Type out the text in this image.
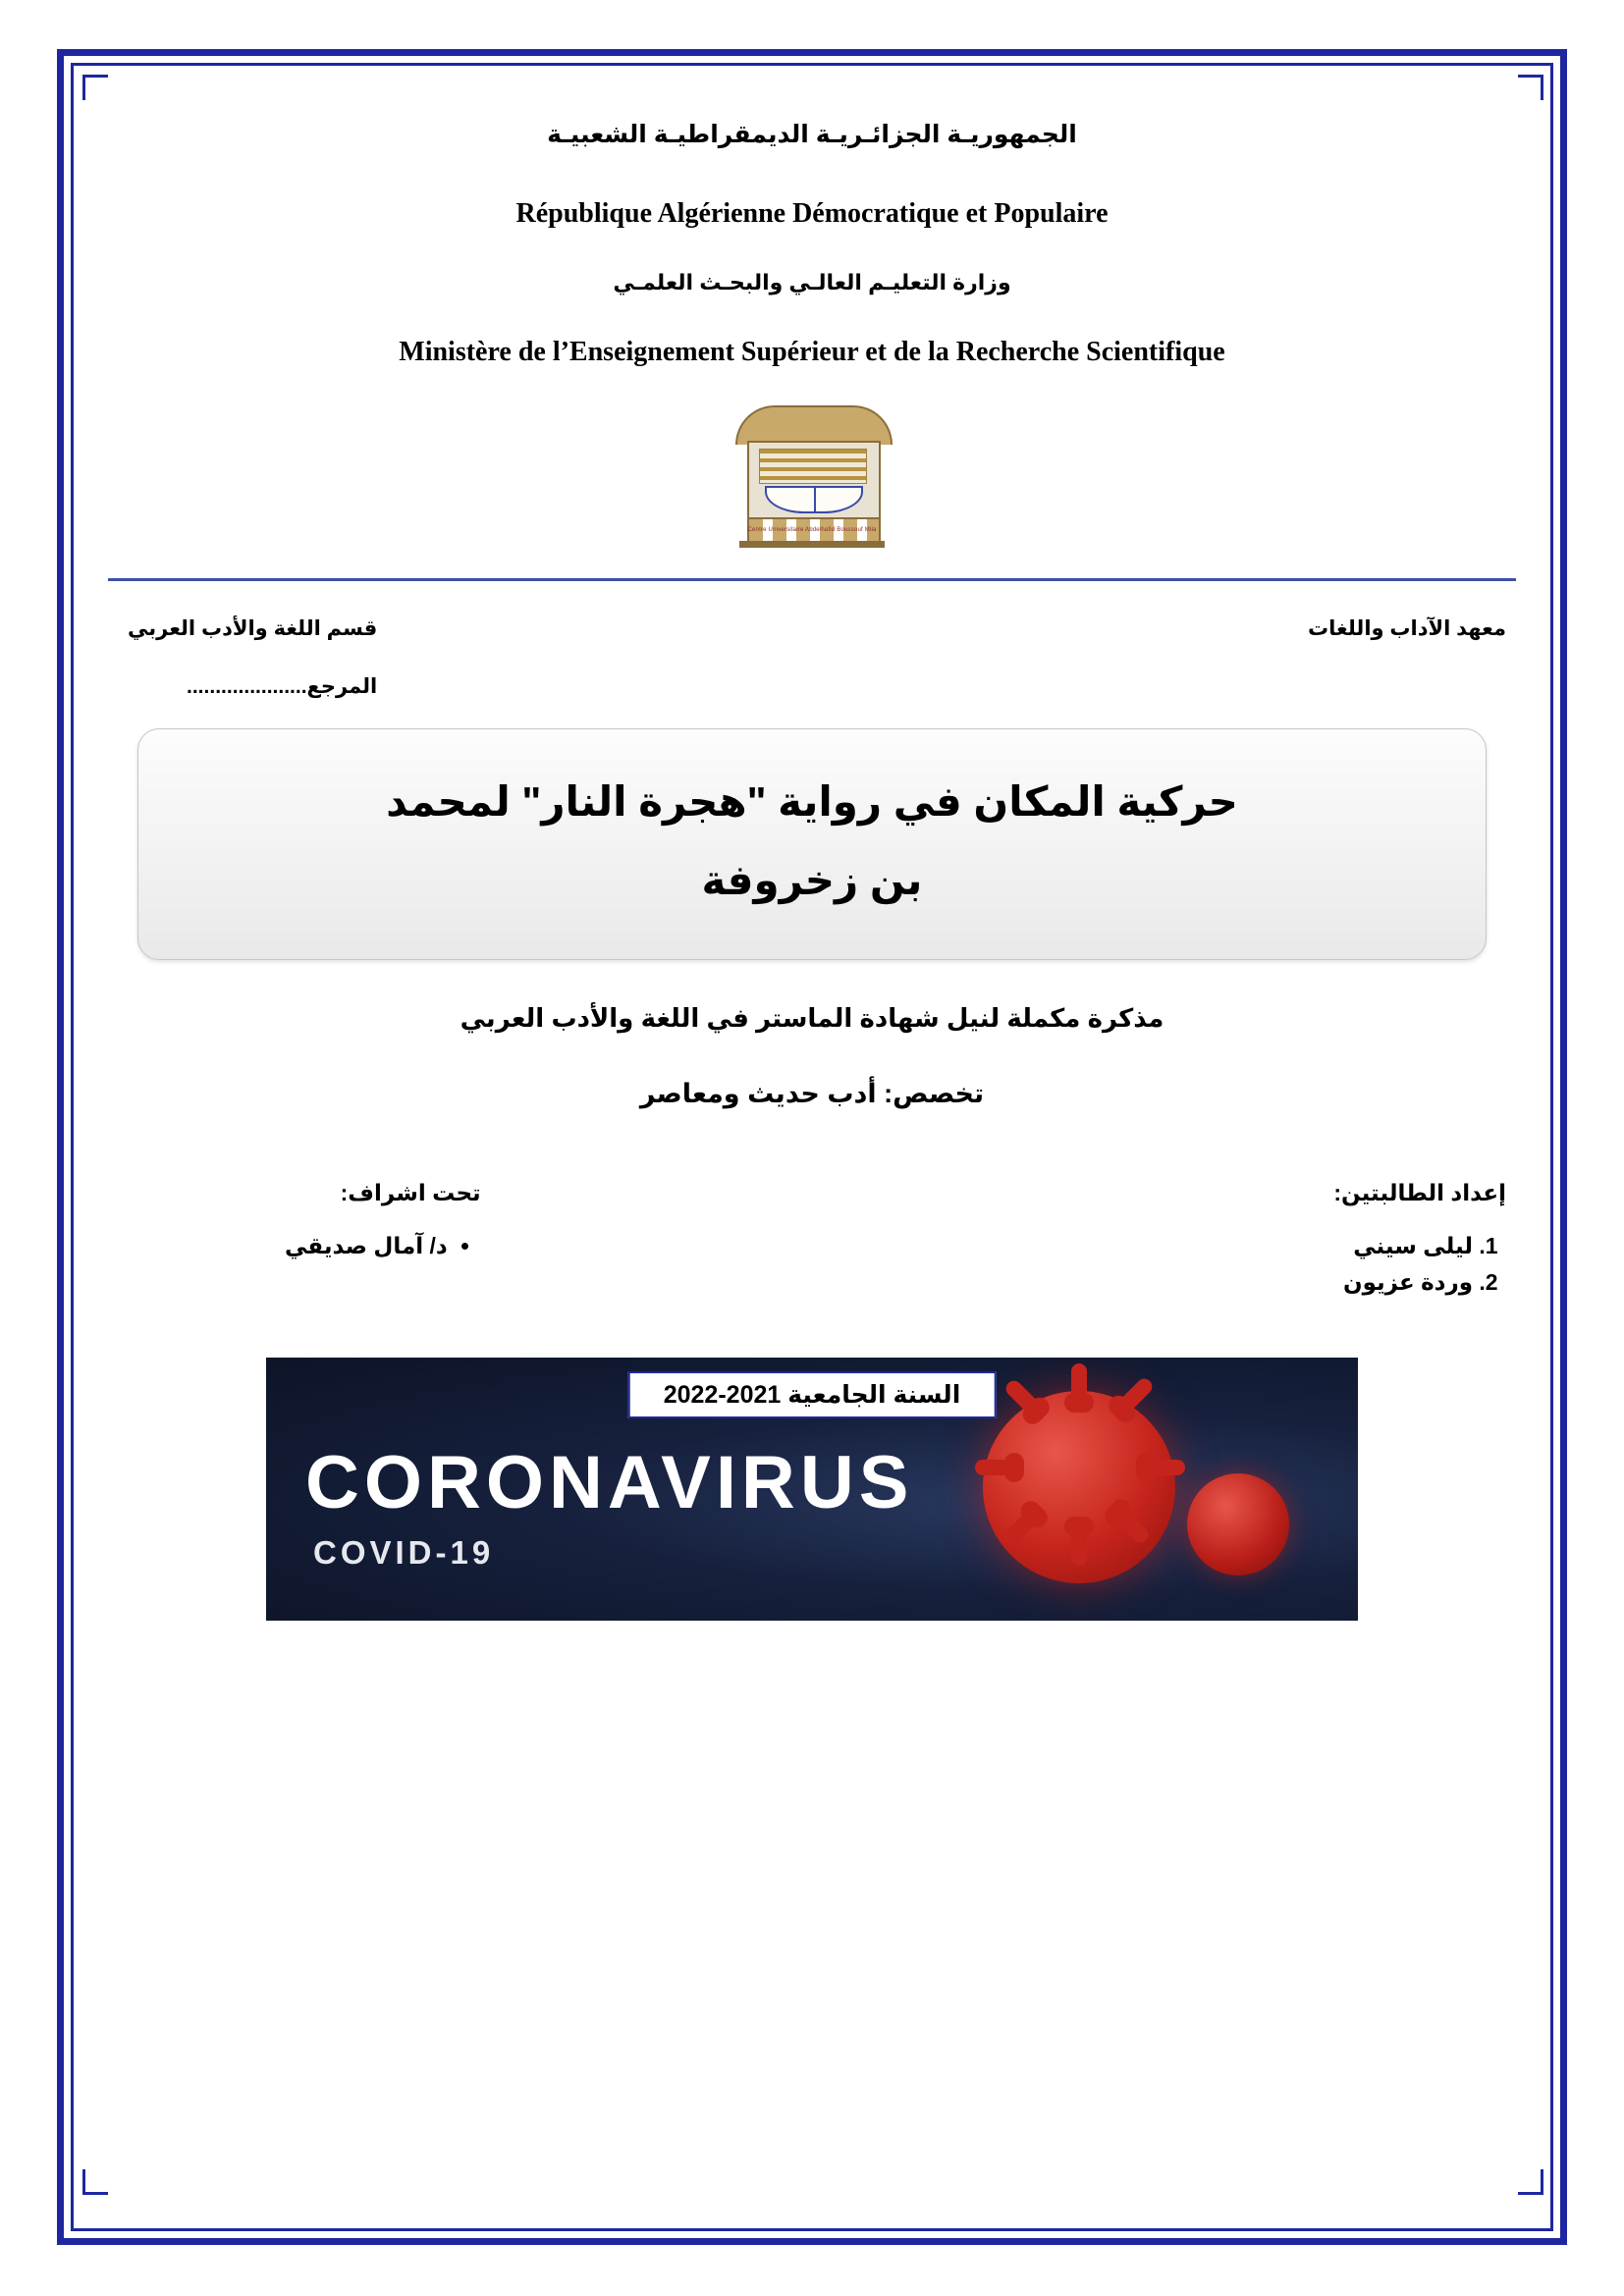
الجمهوريـة الجزائـريـة الديمقراطيـة الشعبيـة

République Algérienne Démocratique et Populaire

وزارة التعليـم العالـي والبحـث العلمـي

Ministère de l’Enseignement Supérieur et de la Recherche Scientifique

Centre Universitaire Abdelhafid Boussouf Mila
معهد الآداب واللغات
قسم اللغة والأدب العربي
المرجع.....................
حركية المكان في رواية "هجرة النار" لمحمد
بن زخروفة
مذكرة مكملة لنيل شهادة الماستر في اللغة والأدب العربي
تخصص: أدب حديث ومعاصر
إعداد الطالبتين:
1. ليلى سيني
2. وردة عزيون
تحت اشراف:
• د/ آمال صديقي
CORONAVIRUS
COVID-19
السنة الجامعية 2021-2022
